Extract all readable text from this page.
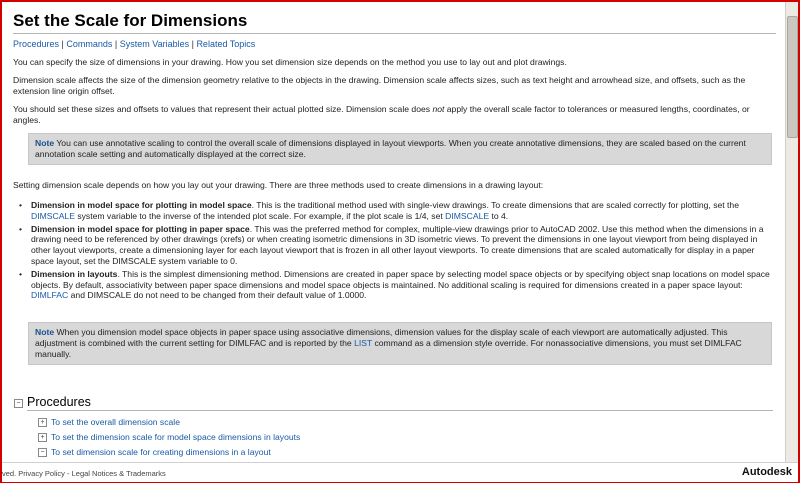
Set the Scale for Dimensions
Procedures | Commands | System Variables | Related Topics

You can specify the size of dimensions in your drawing. How you set dimension size depends on the method you use to lay out and plot drawings.

Dimension scale affects the size of the dimension geometry relative to the objects in the drawing. Dimension scale affects sizes, such as text height and arrowhead size, and offsets, such as the extension line origin offset.

You should set these sizes and offsets to values that represent their actual plotted size. Dimension scale does not apply the overall scale factor to tolerances or measured lengths, coordinates, or angles.

Note You can use annotative scaling to control the overall scale of dimensions displayed in layout viewports. When you create annotative dimensions, they are scaled based on the current annotation scale setting and automatically displayed at the correct size.

Setting dimension scale depends on how you lay out your drawing. There are three methods used to create dimensions in a drawing layout:

• Dimension in model space for plotting in model space. This is the traditional method used with single-view drawings. To create dimensions that are scaled correctly for plotting, set the DIMSCALE system variable to the inverse of the intended plot scale. For example, if the plot scale is 1/4, set DIMSCALE to 4.
• Dimension in model space for plotting in paper space. This was the preferred method for complex, multiple-view drawings prior to AutoCAD 2002. Use this method when the dimensions in a drawing need to be referenced by other drawings (xrefs) or when creating isometric dimensions in 3D isometric views. To prevent the dimensions in one layout viewport from being displayed in other layout viewports, create a dimensioning layer for each layout viewport that is frozen in all other layout viewports. To create dimensions that are scaled automatically for display in a paper space layout, set the DIMSCALE system variable to 0.
• Dimension in layouts. This is the simplest dimensioning method. Dimensions are created in paper space by selecting model space objects or by specifying object snap locations on model space objects. By default, associativity between paper space dimensions and model space objects is maintained. No additional scaling is required for dimensions created in a paper space layout: DIMLFAC and DIMSCALE do not need to be changed from their default value of 1.0000.
Note When you dimension model space objects in paper space using associative dimensions, dimension values for the display scale of each viewport are automatically adjusted. This adjustment is combined with the current setting for DIMLFAC and is reported by the LIST command as a dimension style override. For nonassociative dimensions, you must set DIMLFAC manually.
− Procedures
+ To set the overall dimension scale
+ To set the dimension scale for model space dimensions in layouts
− To set dimension scale for creating dimensions in a layout
ved. Privacy Policy - Legal Notices & Trademarks	Autodesk
